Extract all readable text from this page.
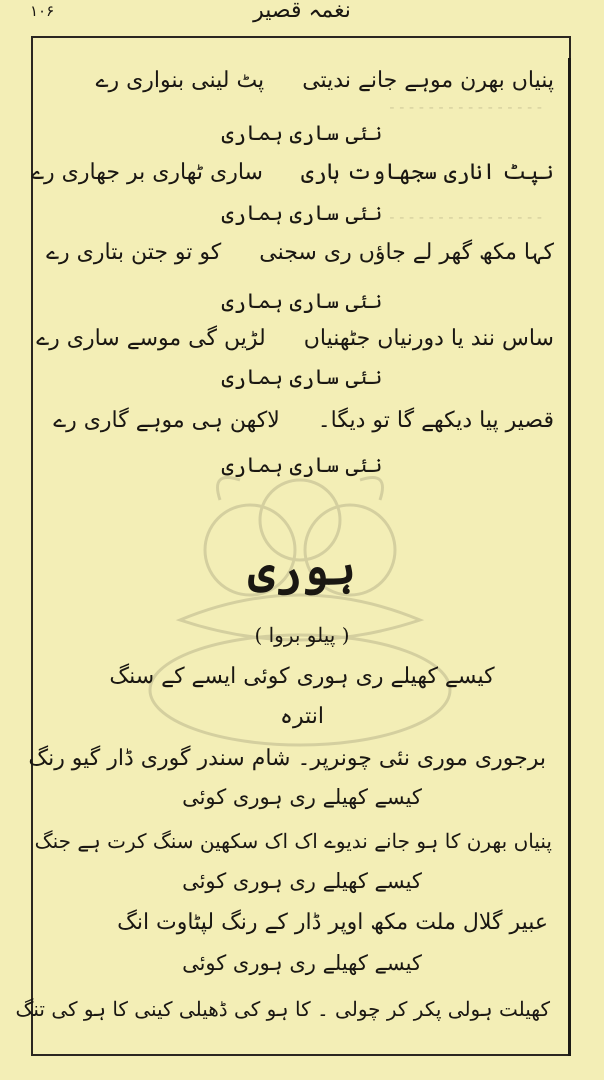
۱۰۶	نغمہ قصیر
- - - - - - - - - - - - - - - -
- - - - - - - - - - - - - - - -
پنیاں بھرن موہے جانے ندیتیپٹ لینی بنواری رے
نئی ساری ہماری
نپٹ اناری سجھاوت ہاریساری ٹھاری بر جھاری رے
نئی ساری ہماری
کہا مکھ گھر لے جاؤں ری سجنیکو تو جتن بتاری رے
نئی ساری ہماری
ساس نند یا دورنیاں جٹھنیاںلڑیں گی موسے ساری رے
نئی ساری ہماری
قصیر پیا دیکھے گا تو دیگا۔لاکھن ہی موہے گاری رے
نئی ساری ہماری
ہوری
( پیلو بروا )
کیسے کھیلے ری ہوری کوئی ایسے کے سنگ
انترہ
برجوری موری نئی چونرپر۔ شام سندر گوری ڈار گیو رنگ
کیسے کھیلے ری ہوری کوئی
پنیاں بھرن کا ہو جانے ندیوے اک اک سکھین سنگ کرت ہے جنگ
کیسے کھیلے ری ہوری کوئی
عبیر گلال ملت مکھ اوپر ڈار کے رنگ لپٹاوت انگ
کیسے کھیلے ری ہوری کوئی
کھیلت ہولی پکر کر چولی ۔ کا ہو کی ڈھیلی کینی کا ہو کی تنگ
